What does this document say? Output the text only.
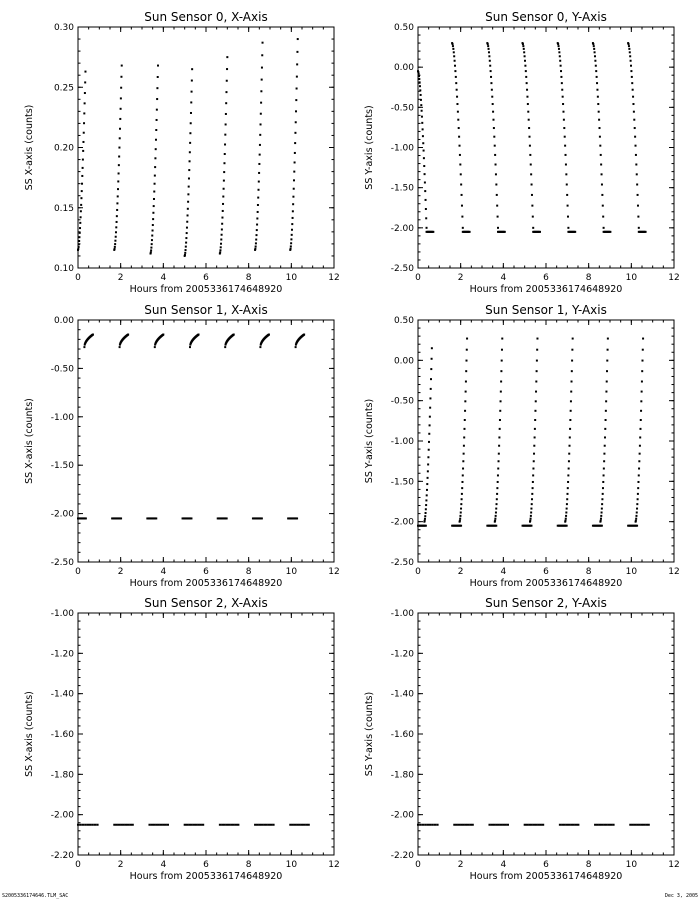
Sun Sensor 0, X-Axis
0	2	4	6	8	10	12
0.10
0.15
0.20
0.25
0.30
Hours from 2005336174648920
SS X-axis (counts)
Sun Sensor 0, Y-Axis
0	2	4	6	8	10	12
-2.50
-2.00
-1.50
-1.00
-0.50
0.00
0.50
Hours from 2005336174648920
SS Y-axis (counts)
Sun Sensor 1, X-Axis
0	2	4	6	8	10	12
-2.50
-2.00
-1.50
-1.00
-0.50
0.00
Hours from 2005336174648920
SS X-axis (counts)
Sun Sensor 1, Y-Axis
0	2	4	6	8	10	12
-2.50
-2.00
-1.50
-1.00
-0.50
0.00
0.50
Hours from 2005336174648920
SS Y-axis (counts)
Sun Sensor 2, X-Axis
0	2	4	6	8	10	12
-2.20
-2.00
-1.80
-1.60
-1.40
-1.20
-1.00
Hours from 2005336174648920
SS X-axis (counts)
Sun Sensor 2, Y-Axis
0	2	4	6	8	10	12
-2.20
-2.00
-1.80
-1.60
-1.40
-1.20
-1.00
Hours from 2005336174648920
SS Y-axis (counts)
S2005336174646.TLM_SAC	Dec 3, 2005
